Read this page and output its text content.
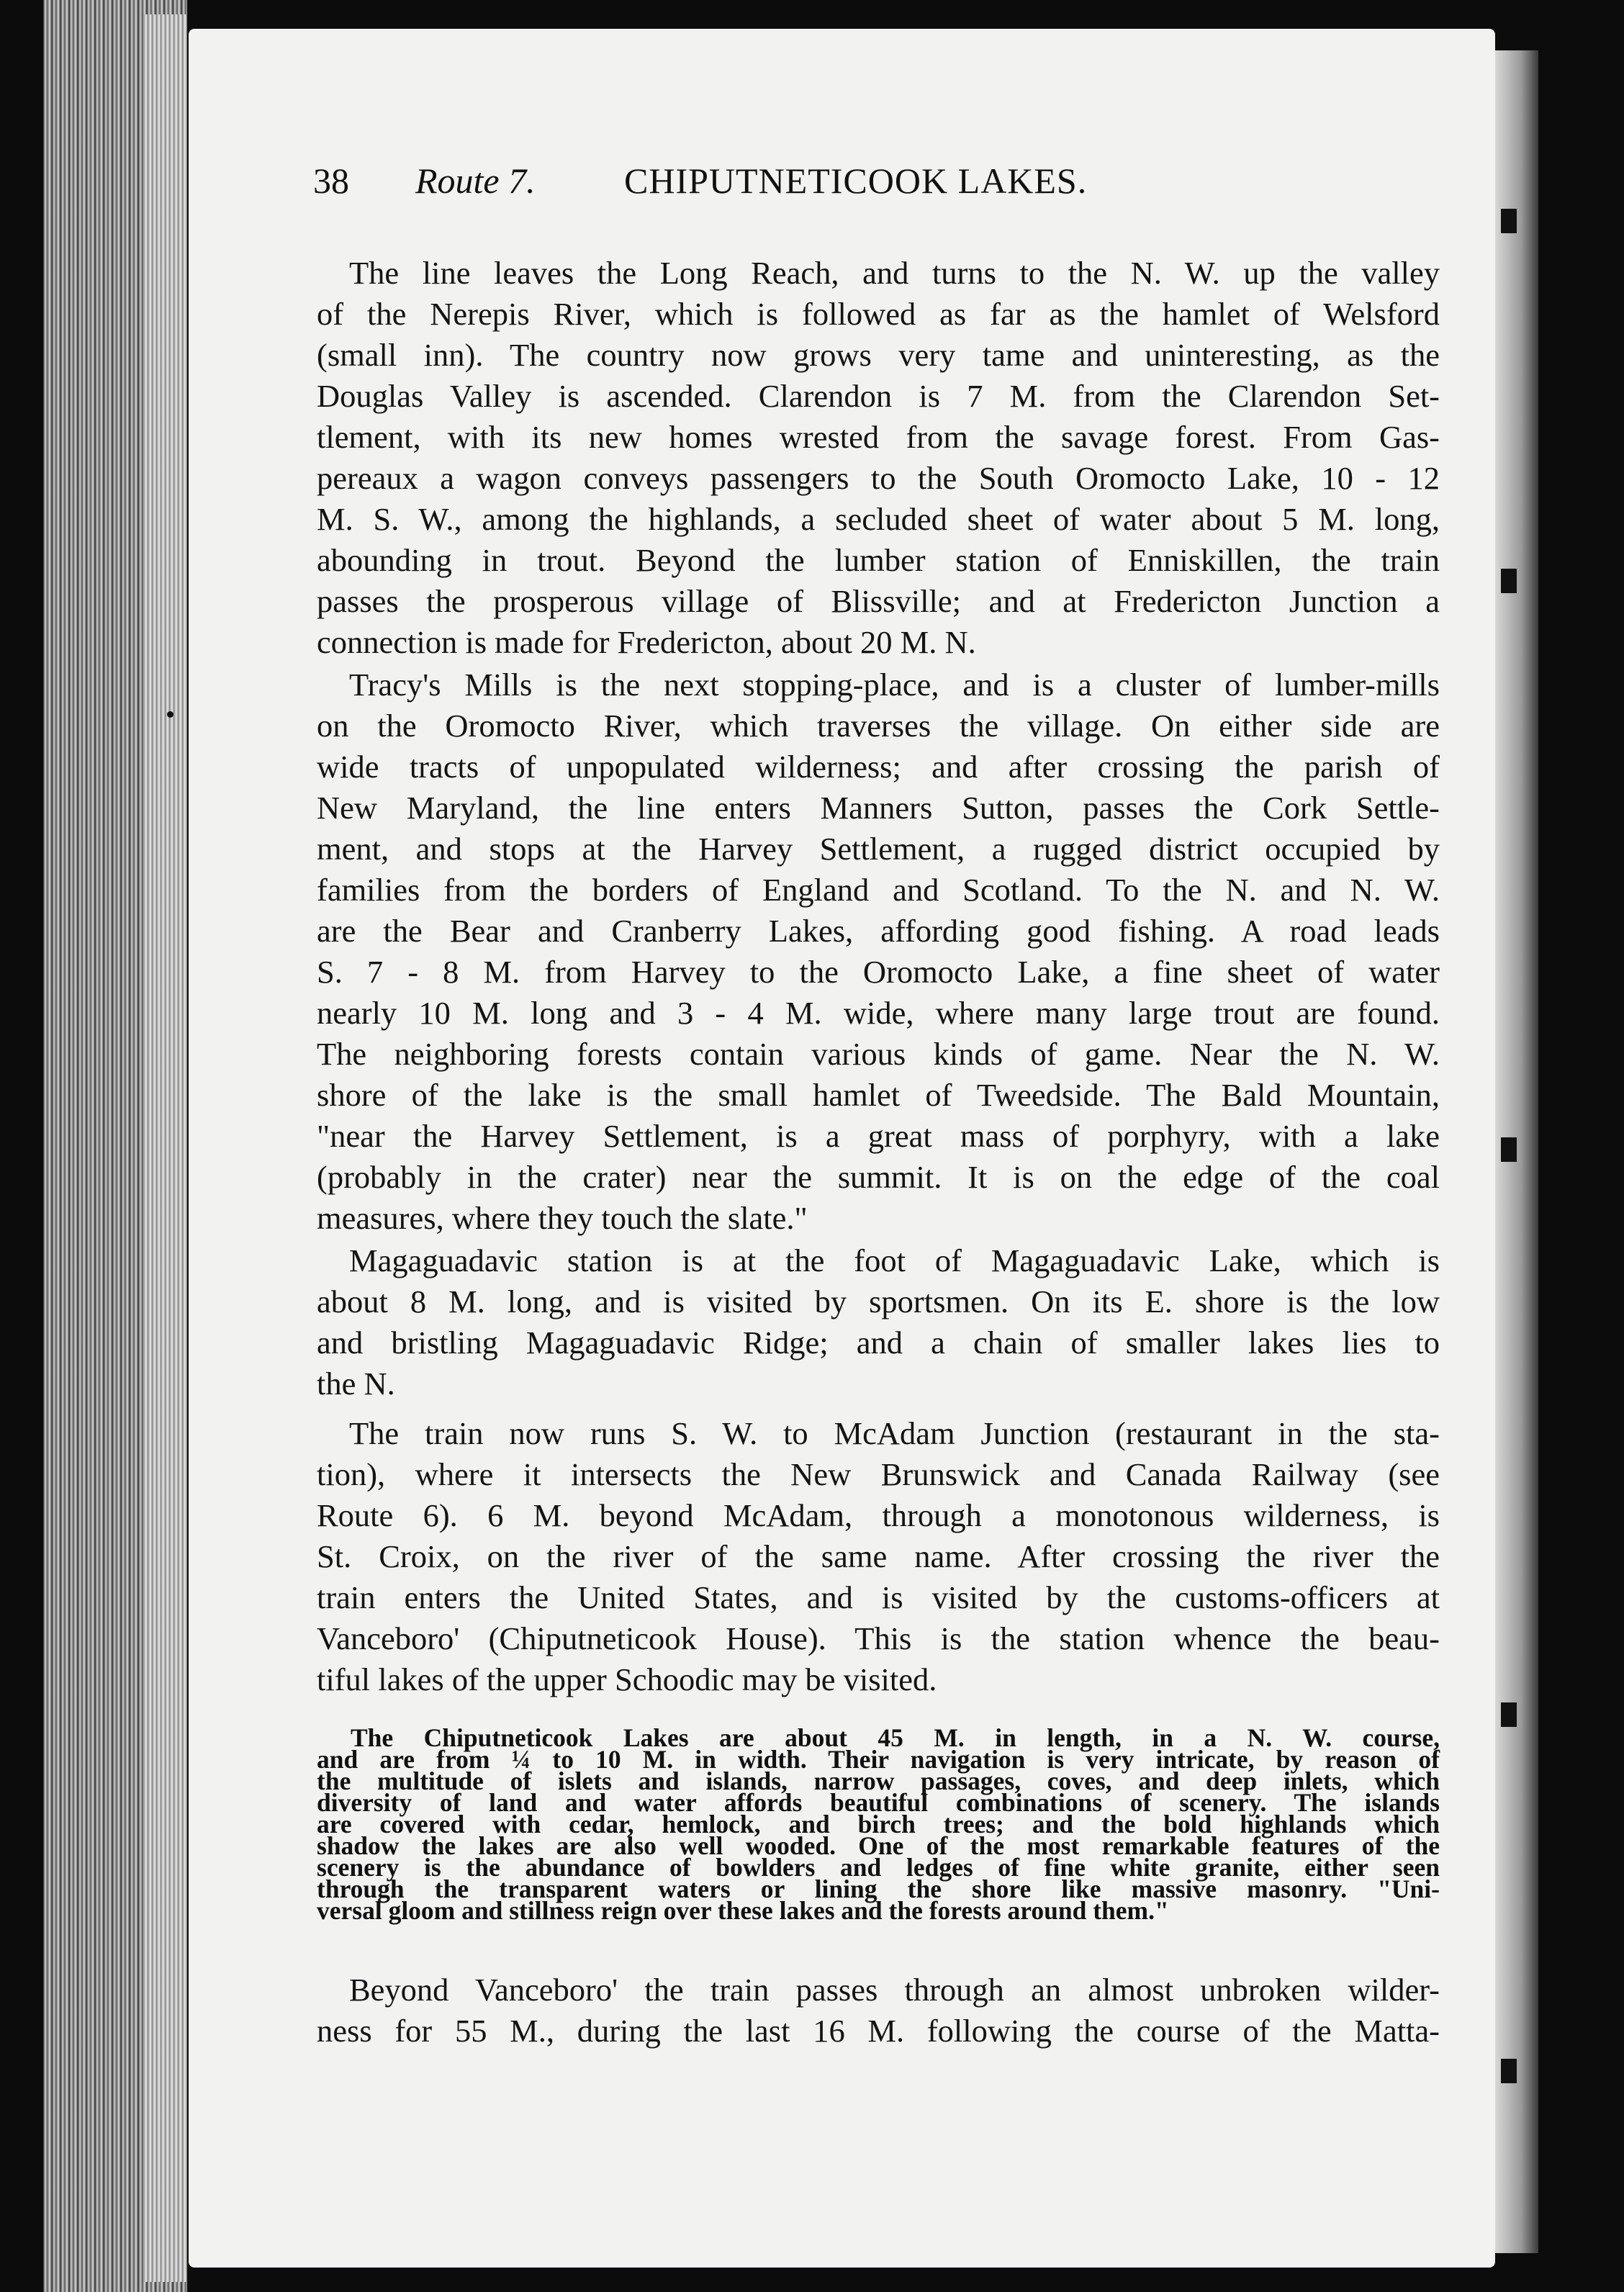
38 Route 7. CHIPUTNETICOOK LAKES.
The line leaves the Long Reach, and turns to the N. W. up the valley
of the Nerepis River, which is followed as far as the hamlet of Welsford
(small inn). The country now grows very tame and uninteresting, as the
Douglas Valley is ascended. Clarendon is 7 M. from the Clarendon Set-
tlement, with its new homes wrested from the savage forest. From Gas-
pereaux a wagon conveys passengers to the South Oromocto Lake, 10 - 12
M. S. W., among the highlands, a secluded sheet of water about 5 M. long,
abounding in trout. Beyond the lumber station of Enniskillen, the train
passes the prosperous village of Blissville; and at Fredericton Junction a
connection is made for Fredericton, about 20 M. N.
Tracy's Mills is the next stopping-place, and is a cluster of lumber-mills
on the Oromocto River, which traverses the village. On either side are
wide tracts of unpopulated wilderness; and after crossing the parish of
New Maryland, the line enters Manners Sutton, passes the Cork Settle-
ment, and stops at the Harvey Settlement, a rugged district occupied by
families from the borders of England and Scotland. To the N. and N. W.
are the Bear and Cranberry Lakes, affording good fishing. A road leads
S. 7 - 8 M. from Harvey to the Oromocto Lake, a fine sheet of water
nearly 10 M. long and 3 - 4 M. wide, where many large trout are found.
The neighboring forests contain various kinds of game. Near the N. W.
shore of the lake is the small hamlet of Tweedside. The Bald Mountain,
"near the Harvey Settlement, is a great mass of porphyry, with a lake
(probably in the crater) near the summit. It is on the edge of the coal
measures, where they touch the slate."
Magaguadavic station is at the foot of Magaguadavic Lake, which is
about 8 M. long, and is visited by sportsmen. On its E. shore is the low
and bristling Magaguadavic Ridge; and a chain of smaller lakes lies to
the N.
The train now runs S. W. to McAdam Junction (restaurant in the sta-
tion), where it intersects the New Brunswick and Canada Railway (see
Route 6). 6 M. beyond McAdam, through a monotonous wilderness, is
St. Croix, on the river of the same name. After crossing the river the
train enters the United States, and is visited by the customs-officers at
Vanceboro' (Chiputneticook House). This is the station whence the beau-
tiful lakes of the upper Schoodic may be visited.
The Chiputneticook Lakes are about 45 M. in length, in a N. W. course,
and are from ¼ to 10 M. in width. Their navigation is very intricate, by reason of
the multitude of islets and islands, narrow passages, coves, and deep inlets, which
diversity of land and water affords beautiful combinations of scenery. The islands
are covered with cedar, hemlock, and birch trees; and the bold highlands which
shadow the lakes are also well wooded. One of the most remarkable features of the
scenery is the abundance of bowlders and ledges of fine white granite, either seen
through the transparent waters or lining the shore like massive masonry. "Uni-
versal gloom and stillness reign over these lakes and the forests around them."
Beyond Vanceboro' the train passes through an almost unbroken wilder-
ness for 55 M., during the last 16 M. following the course of the Matta-
